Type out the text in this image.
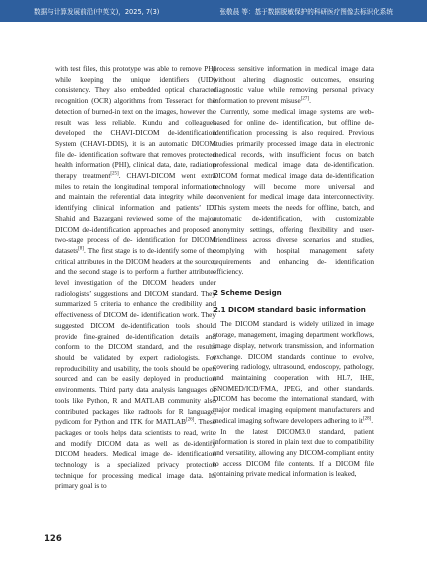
数据与计算发展前沿(中英文)，2025, 7(3)	张敬晨 等：基于数据脱敏保护的科研医疗图像去标识化系统

with test files, this prototype was able to remove PHI while keeping the unique identifiers (UID) consistency. They also embedded optical character recognition (OCR) algorithms from Tesseract for the detection of burned-in text on the images, however the result was less reliable. Kundu and colleagues developed the CHAVI-DICOM de-identification System (CHAVI-DDIS), it is an automatic DICOM file de- identification software that removes protected health information (PHI), clinical data, date, radiation therapy treatment[25]. CHAVI-DICOM went extra miles to retain the longitudinal temporal information and maintain the referential data integrity while de-identifying clinical information and patients’ ID. Shahid and Bazargani reviewed some of the major DICOM de-identification approaches and proposed a two-stage process of de- identification for DICOM datasets[8]. The first stage is to de-identify some of the critical attributes in the DICOM headers at the source, and the second stage is to perform a further attribute-level investigation of the DICOM headers under radiologists’ suggestions and DICOM standard. They summarized 5 criteria to enhance the credibility and effectiveness of DICOM de- identification work. They suggested DICOM de-identification tools should provide fine-grained de-identification details and conform to the DICOM standard, and the results should be validated by expert radiologists. For reproducibility and usability, the tools should be open sourced and can be easily deployed in production environments. Third party data analysis languages or tools like Python, R and MATLAB community also contributed packages like radtools for R language, pydicom for Python and ITK for MATLAB[26]. These packages or tools helps data scientists to read, write and modify DICOM data as well as de-identify DICOM headers. Medical image de- identification technology is a specialized privacy protection technique for processing medical image data. Its primary goal is to

process sensitive information in medical image data without altering diagnostic outcomes, ensuring diagnostic value while removing personal privacy information to prevent misuse[27].

Currently, some medical image systems are web-based for online de- identification, but offline de-identification processing is also required. Previous studies primarily processed image data in electronic medical records, with insufficient focus on batch professional medical image data de-identification. DICOM format medical image data de-identification technology will become more universal and convenient for medical image data interconnectivity. This system meets the needs for offline, batch, and automatic de-identification, with customizable anonymity settings, offering flexibility and user- friendliness across diverse scenarios and studies, complying with hospital management safety requirements and enhancing de- identification efficiency.

2 Scheme Design
2.1 DICOM standard basic information

The DICOM standard is widely utilized in image storage, management, imaging department workflows, image display, network transmission, and information exchange. DICOM standards continue to evolve, covering radiology, ultrasound, endoscopy, pathology, and maintaining cooperation with HL7, IHE, SNOMED/ICD/FMA, JPEG, and other standards. DICOM has become the international standard, with major medical imaging equipment manufacturers and medical imaging software developers adhering to it[28].

In the latest DICOM3.0 standard, patient information is stored in plain text due to compatibility and versatility, allowing any DICOM-compliant entity to access DICOM file contents. If a DICOM file containing private medical information is leaked,

126
